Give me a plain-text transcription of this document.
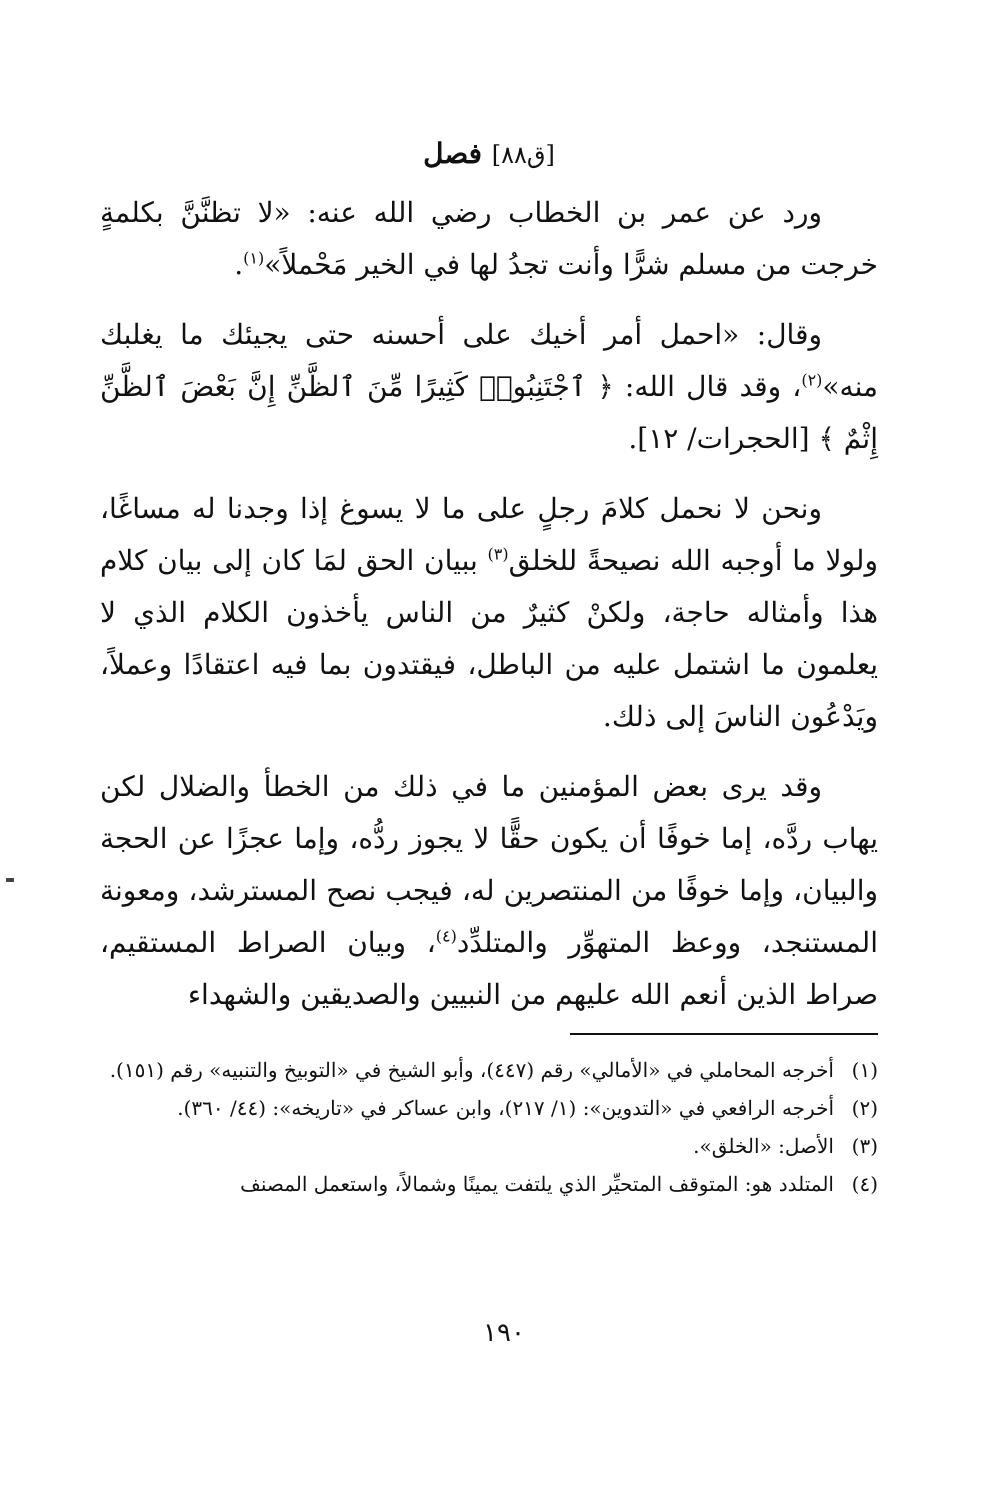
[ق٨٨] فصل

ورد عن عمر بن الخطاب رضي الله عنه: «لا تظنَّنَّ بكلمةٍ خرجت من مسلم شرًّا وأنت تجدُ لها في الخير مَحْملاً»$^{(١)}$.

وقال: «احمل أمر أخيك على أحسنه حتى يجيئك ما يغلبك منه»$^{(٢)}$، وقد قال الله: ﴿ ٱجْتَنِبُوا۟ كَثِيرًا مِّنَ ٱلظَّنِّ إِنَّ بَعْضَ ٱلظَّنِّ إِثْمٌ ﴾ [الحجرات/ ١٢].

ونحن لا نحمل كلامَ رجلٍ على ما لا يسوغ إذا وجدنا له مساغًا، ولولا ما أوجبه الله نصيحةً للخلق$^{(٣)}$ ببيان الحق لمَا كان إلى بيان كلام هذا وأمثاله حاجة، ولكنْ كثيرٌ من الناس يأخذون الكلام الذي لا يعلمون ما اشتمل عليه من الباطل، فيقتدون بما فيه اعتقادًا وعملاً، ويَدْعُون الناسَ إلى ذلك.

وقد يرى بعض المؤمنين ما في ذلك من الخطأ والضلال لكن يهاب ردَّه، إما خوفًا أن يكون حقًّا لا يجوز ردُّه، وإما عجزًا عن الحجة والبيان، وإما خوفًا من المنتصرين له، فيجب نصح المسترشد، ومعونة المستنجد، ووعظ المتهوِّر والمتلدِّد$^{(٤)}$، وبيان الصراط المستقيم، صراط الذين أنعم الله عليهم من النبيين والصديقين والشهداء

(١)
أخرجه المحاملي في «الأمالي» رقم (٤٤٧)، وأبو الشيخ في «التوبيخ والتنبيه» رقم (١٥١).
(٢)
أخرجه الرافعي في «التدوين»: (١/ ٢١٧)، وابن عساكر في «تاريخه»: (٤٤/ ٣٦٠).
(٣)
الأصل: «الخلق».
(٤)
المتلدد هو: المتوقف المتحيِّر الذي يلتفت يمينًا وشمالاً، واستعمل المصنف
١٩٠
